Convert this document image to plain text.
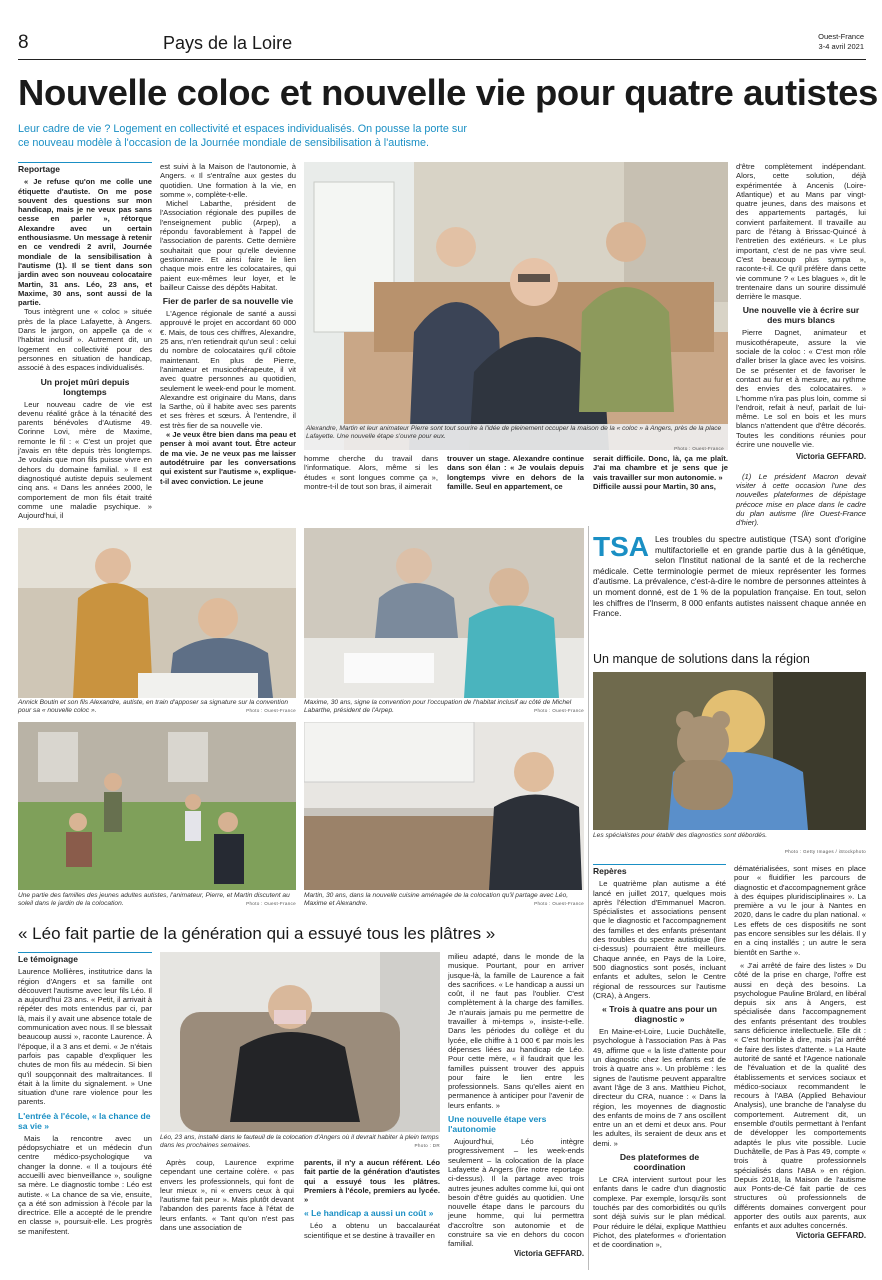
8	Pays de la Loire	Ouest-France
3-4 avril 2021
Nouvelle coloc et nouvelle vie pour quatre autistes

Leur cadre de vie ? Logement en collectivité et espaces individualisés. On pousse la porte sur ce nouveau modèle à l'occasion de la Journée mondiale de sensibilisation à l'autisme.

Reportage

« Je refuse qu'on me colle une étiquette d'autiste. On me pose souvent des questions sur mon handicap, mais je ne veux pas sans cesse en parler », rétorque Alexandre avec un certain enthousiasme. Un message à retenir en ce vendredi 2 avril, Journée mondiale de la sensibilisation à l'autisme (1). Il se tient dans son jardin avec son nouveau colocataire Martin, 31 ans. Léo, 23 ans, et Maxime, 30 ans, sont aussi de la partie.

Tous intègrent une « coloc » située près de la place Lafayette, à Angers. Dans le jargon, on appelle ça de « l'habitat inclusif ». Autrement dit, un logement en collectivité pour des personnes en situation de handicap, associé à des espaces individualisés.

Un projet mûri depuis longtemps

Leur nouveau cadre de vie est devenu réalité grâce à la ténacité des parents bénévoles d'Autisme 49. Corinne Lovi, mère de Maxime, remonte le fil : « C'est un projet que j'avais en tête depuis très longtemps. Je voulais que mon fils puisse vivre en dehors du domaine familial. » Il est diagnostiqué autiste depuis seulement cinq ans. « Dans les années 2000, le comportement de mon fils était traité comme une maladie psychique. » Aujourd'hui, il

est suivi à la Maison de l'autonomie, à Angers. « Il s'entraîne aux gestes du quotidien. Une formation à la vie, en somme », complète-t-elle.

Michel Labarthe, président de l'Association régionale des pupilles de l'enseignement public (Arpep), a répondu favorablement à l'appel de l'association de parents. Cette dernière souhaitait que pour qu'elle devienne gestionnaire. Et ainsi faire le lien chaque mois entre les colocataires, qui paient eux-mêmes leur loyer, et le bailleur Caisse des dépôts Habitat.

Fier de parler de sa nouvelle vie

L'Agence régionale de santé a aussi approuvé le projet en accordant 60 000 €. Mais, de tous ces chiffres, Alexandre, 25 ans, n'en retiendrait qu'un seul : celui du nombre de colocataires qu'il côtoie maintenant. En plus de Pierre, l'animateur et musicothérapeute, il vit avec quatre personnes au quotidien, seulement le week-end pour le moment. Alexandre est originaire du Mans, dans la Sarthe, où il habite avec ses parents et ses frères et sœurs. À l'entendre, il est très fier de sa nouvelle vie.

« Je veux être bien dans ma peau et penser à moi avant tout. Être acteur de ma vie. Je ne veux pas me laisser autodétruire par les conversations qui existent sur l'autisme », explique-t-il avec conviction. Le jeune

Alexandre, Martin et leur animateur Pierre sont tout sourire à l'idée de pleinement occuper la maison de la « coloc » à Angers, près de la place Lafayette. Une nouvelle étape s'ouvre pour eux.
Photo : Ouest-France

homme cherche du travail dans l'informatique. Alors, même si les études « sont longues comme ça », montre-t-il de tout son bras, il aimerait

trouver un stage. Alexandre continue dans son élan : « Je voulais depuis longtemps vivre en dehors de la famille. Seul en appartement, ce

serait difficile. Donc, là, ça me plaît. J'ai ma chambre et je sens que je vais travailler sur mon autonomie. »
Difficile aussi pour Martin, 30 ans,

d'être complètement indépendant. Alors, cette solution, déjà expérimentée à Ancenis (Loire-Atlantique) et au Mans par vingt-quatre jeunes, dans des maisons et des appartements partagés, lui convient parfaitement. Il travaille au parc de l'étang à Brissac-Quincé à l'entretien des extérieurs. « Le plus important, c'est de ne pas vivre seul. C'est beaucoup plus sympa », raconte-t-il. Ce qu'il préfère dans cette vie commune ? « Les blagues », dit le trentenaire dans un sourire dissimulé derrière le masque.

Une nouvelle vie à écrire sur des murs blancs

Pierre Dagnet, animateur et musicothérapeute, assure la vie sociale de la coloc : « C'est mon rôle d'aller briser la glace avec les voisins. De se présenter et de favoriser le contact au fur et à mesure, au rythme des envies des colocataires. » L'homme n'ira pas plus loin, comme si l'endroit, refait à neuf, parlait de lui-même. Le sol en bois et les murs blancs n'attendent que d'être décorés. Toutes les conditions réunies pour écrire une nouvelle vie.

Victoria GEFFARD.

(1) Le président Macron devait visiter à cette occasion l'une des nouvelles plateformes de dépistage précoce mise en place dans le cadre du plan autisme (lire Ouest-France d'hier).

Annick Boutin et son fils Alexandre, autiste, en train d'apposer sa signature sur la convention pour sa « nouvelle coloc ».	Photo : Ouest-France
Maxime, 30 ans, signe la convention pour l'occupation de l'habitat inclusif au côté de Michel Labarthe, président de l'Arpep.	Photo : Ouest-France
Une partie des familles des jeunes adultes autistes, l'animateur, Pierre, et Martin discutent au soleil dans le jardin de la colocation.	Photo : Ouest-France
Martin, 30 ans, dans la nouvelle cuisine aménagée de la colocation qu'il partage avec Léo, Maxime et Alexandre.	Photo : Ouest-France
TSA Les troubles du spectre autistique (TSA) sont d'origine multifactorielle et en grande partie dus à la génétique, selon l'Institut national de la santé et de la recherche médicale. Cette terminologie permet de mieux représenter les formes d'autisme. La prévalence, c'est-à-dire le nombre de personnes atteintes à un moment donné, est de 1 % de la population française. En tout, selon les chiffres de l'Inserm, 8 000 enfants autistes naissent chaque année en France.

Un manque de solutions dans la région
Les spécialistes pour établir des diagnostics sont débordés.
Photo : Getty Images / iStockphoto
Repères

Le quatrième plan autisme a été lancé en juillet 2017, quelques mois après l'élection d'Emmanuel Macron. Spécialistes et associations pensent que le diagnostic et l'accompagnement des familles et des enfants présentant des troubles du spectre autistique (lire ci-dessus) pourraient être meilleurs. Chaque année, en Pays de la Loire, 500 diagnostics sont posés, incluant enfants et adultes, selon le Centre régional de ressources sur l'autisme (CRA), à Angers.

« Trois à quatre ans pour un diagnostic »

En Maine-et-Loire, Lucie Duchâtelle, psychologue à l'association Pas à Pas 49, affirme que « la liste d'attente pour un diagnostic chez les enfants est de trois à quatre ans ». Un problème : les signes de l'autisme peuvent apparaître avant l'âge de 3 ans. Matthieu Pichot, directeur du CRA, nuance : « Dans la région, les moyennes de diagnostic des enfants de moins de 7 ans oscillent entre un an et demi et deux ans. Pour les adultes, ils seraient de deux ans et demi. »

Des plateformes de coordination

Le CRA intervient surtout pour les enfants dans le cadre d'un diagnostic complexe. Par exemple, lorsqu'ils sont touchés par des comorbidités ou qu'ils sont déjà suivis sur le plan médical. Pour réduire le délai, explique Matthieu Pichot, des plateformes « d'orientation et de coordination »,

dématérialisées, sont mises en place pour « fluidifier les parcours de diagnostic et d'accompagnement grâce à des équipes pluridisciplinaires ». La première a vu le jour à Nantes en 2020, dans le cadre du plan national. « Les effets de ces dispositifs ne sont pas encore sensibles sur les délais. Il y en a cinq installés ; un autre le sera bientôt en Sarthe ».

« J'ai arrêté de faire des listes » Du côté de la prise en charge, l'offre est aussi en deçà des besoins. La psychologue Pauline Brülard, en libéral depuis six ans à Angers, est spécialisée dans l'accompagnement des enfants présentant des troubles sans déficience intellectuelle. Elle dit : « C'est horrible à dire, mais j'ai arrêté de faire des listes d'attente. » La Haute autorité de santé et l'Agence nationale de l'évaluation et de la qualité des établissements et services sociaux et médico-sociaux recommandent le recours à l'ABA (Applied Behaviour Analysis), une branche de l'analyse du comportement. Autrement dit, un ensemble d'outils permettant à l'enfant de développer les comportements adaptés le plus vite possible. Lucie Duchâtelle, de Pas à Pas 49, compte « trois à quatre professionnels spécialisés dans l'ABA » en région. Depuis 2018, la Maison de l'autisme aux Ponts-de-Cé fait partie de ces structures où professionnels de différents domaines convergent pour apporter des outils aux parents, aux enfants et aux adultes concernés.

Victoria GEFFARD.

« Léo fait partie de la génération qui a essuyé tous les plâtres »
Le témoignage

Laurence Mollières, institutrice dans la région d'Angers et sa famille ont découvert l'autisme avec leur fils Léo. Il a aujourd'hui 23 ans. « Petit, il arrivait à répéter des mots entendus par ci, par là, mais il y avait une absence totale de communication avec nous. Il se blessait beaucoup aussi », raconte Laurence. À l'époque, il a 3 ans et demi. « Je n'étais parfois pas capable d'expliquer les chutes de mon fils au médecin. Si bien qu'il soupçonnait des maltraitances. Il était à la limite du signalement. » Une situation d'une rare violence pour les parents.

L'entrée à l'école, « la chance de sa vie »

Mais la rencontre avec un pédopsychiatre et un médecin d'un centre médico-psychologique va changer la donne. « Il a toujours été accueilli avec bienveillance », souligne sa mère. Le diagnostic tombe : Léo est autiste. « La chance de sa vie, ensuite, ça a été son admission à l'école par la directrice. Elle a accepté de le prendre en classe », poursuit-elle. Les progrès se manifestent.

Léo, 23 ans, installé dans le fauteuil de la colocation d'Angers où il devrait habiter à plein temps dans les prochaines semaines.	Photo : DR

Après coup, Laurence exprime cependant une certaine colère. « pas envers les professionnels, qui font de leur mieux », ni « envers ceux à qui l'autisme fait peur ». Mais plutôt devant l'abandon des parents face à l'état de leurs enfants. « Tant qu'on n'est pas dans une association de

parents, il n'y a aucun référent. Léo fait partie de la génération d'autistes qui a essuyé tous les plâtres. Premiers à l'école, premiers au lycée. »

« Le handicap a aussi un coût »

Léo a obtenu un baccalauréat scientifique et se destine à travailler en

milieu adapté, dans le monde de la musique. Pourtant, pour en arriver jusque-là, la famille de Laurence a fait des sacrifices. « Le handicap a aussi un coût, il ne faut pas l'oublier. C'est complètement à la charge des familles. Je n'aurais jamais pu me permettre de travailler à mi-temps », insiste-t-elle. Dans les périodes du collège et du lycée, elle chiffre à 1 000 € par mois les dépenses liées au handicap de Léo. Pour cette mère, « il faudrait que les familles puissent trouver des appuis pour faire le lien entre les professionnels. Sans qu'elles aient en permanence à anticiper pour l'avenir de leurs enfants. »

Une nouvelle étape vers l'autonomie

Aujourd'hui, Léo intègre progressivement – les week-ends seulement – la colocation de la place Lafayette à Angers (lire notre reportage ci-dessus). Il la partage avec trois autres jeunes adultes comme lui, qui ont besoin d'être guidés au quotidien. Une nouvelle étape dans le parcours du jeune homme, qui lui permettra d'accroître son autonomie et de construire sa vie en dehors du cocon familial.

Victoria GEFFARD.
